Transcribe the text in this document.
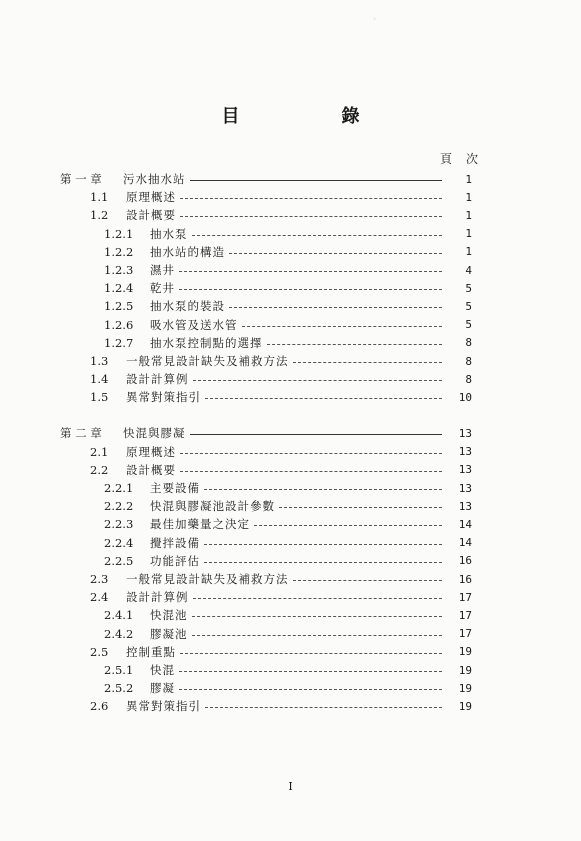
⁘
目　錄
頁次
第 一 章	污水抽水站	1
1.1	原理概述	1
1.2	設計概要	1
1.2.1	抽水泵	1
1.2.2	抽水站的構造	1
1.2.3	濕井	4
1.2.4	乾井	5
1.2.5	抽水泵的裝設	5
1.2.6	吸水管及送水管	5
1.2.7	抽水泵控制點的選擇	8
1.3	一般常見設計缺失及補救方法	8
1.4	設計計算例	8
1.5	異常對策指引	10
第 二 章	快混與膠凝	13
2.1	原理概述	13
2.2	設計概要	13
2.2.1	主要設備	13
2.2.2	快混與膠凝池設計參數	13
2.2.3	最佳加藥量之決定	14
2.2.4	攪拌設備	14
2.2.5	功能評估	16
2.3	一般常見設計缺失及補救方法	16
2.4	設計計算例	17
2.4.1	快混池	17
2.4.2	膠凝池	17
2.5	控制重點	19
2.5.1	快混	19
2.5.2	膠凝	19
2.6	異常對策指引	19
I
